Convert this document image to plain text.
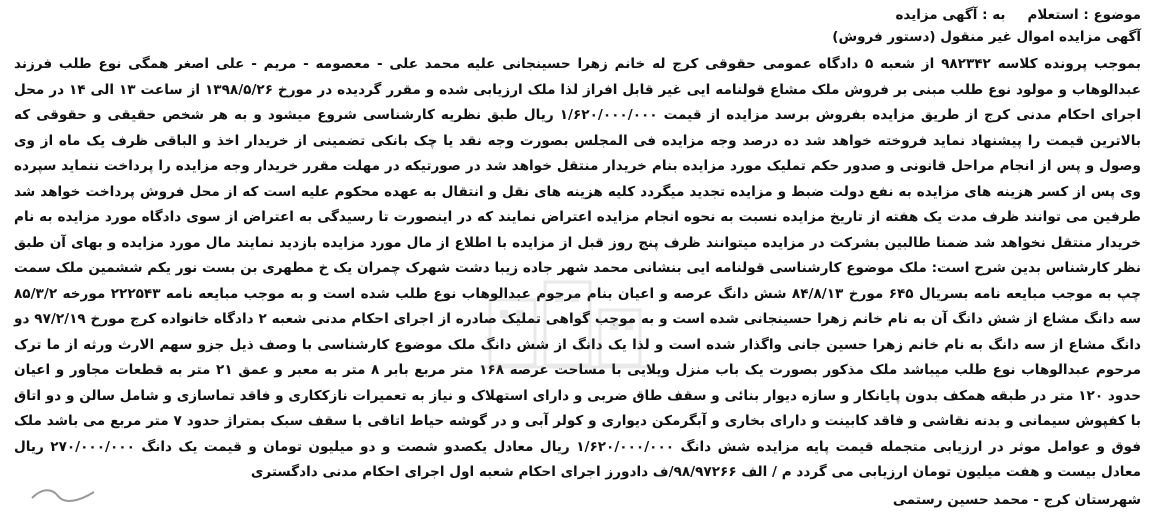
موضوع : استعلام
به : آگهی مزایده
آگهی مزایده اموال غیر منقول (دستور فروش)
بموجب پرونده کلاسه ۹۸۲۳۴۲ از شعبه ۵ دادگاه عمومی حقوقی کرج له خانم زهرا حسینجانی علیه محمد علی - معصومه - مریم - علی اصغر همگی نوع طلب فرزند عبدالوهاب و مولود نوع طلب مبنی بر فروش ملک مشاع قولنامه ایی غیر قابل افراز لذا ملک ارزیابی شده و مقرر گردیده در مورخ ۱۳۹۸/۵/۲۶ از ساعت ۱۳ الی ۱۴ در محل اجرای احکام مدنی کرج از طریق مزایده بفروش برسد مزایده از قیمت ۱/۶۲۰/۰۰۰/۰۰۰ ریال طبق نظریه کارشناسی شروع میشود و به هر شخص حقیقی و حقوقی که بالاترین قیمت را پیشنهاد نماید فروخته خواهد شد ده درصد وجه مزایده فی المجلس بصورت وجه نقد یا چک بانکی تضمینی از خریدار اخذ و الباقی ظرف یک ماه از وی وصول و پس از انجام مراحل قانونی و صدور حکم تملیک مورد مزایده بنام خریدار منتقل خواهد شد در صورتیکه در مهلت مقرر خریدار وجه مزایده را پرداخت ننماید سپرده وی پس از کسر هزینه های مزایده به نفع دولت ضبط و مزایده تجدید میگردد کلیه هزینه های نقل و انتقال به عهده محکوم علیه است که از محل فروش پرداخت خواهد شد طرفین می توانند ظرف مدت یک هفته از تاریخ مزایده نسبت به نحوه انجام مزایده اعتراض نمایند که در اینصورت تا رسیدگی به اعتراض از سوی دادگاه مورد مزایده به نام خریدار منتقل نخواهد شد ضمنا طالبین بشرکت در مزایده میتوانند ظرف پنج روز قبل از مزایده با اطلاع از مال مورد مزایده بازدید نمایند مال مورد مزایده و بهای آن طبق نظر کارشناس بدین شرح است: ملک موضوع کارشناسی قولنامه ایی بنشانی محمد شهر جاده زیبا دشت شهرک چمران یک خ مطهری بن بست نور یکم ششمین ملک سمت چپ به موجب مبایعه نامه بسریال ۶۴۵ مورخ ۸۴/۸/۱۳ شش دانگ عرصه و اعیان بنام مرحوم عبدالوهاب نوع طلب شده است و به موجب مبایعه نامه ۲۲۲۵۴۳ مورخه ۸۵/۳/۲ سه دانگ مشاع از شش دانگ آن به نام خانم زهرا حسینجانی شده است و به موجب گواهی تملیک صادره از اجرای احکام مدنی شعبه ۲ دادگاه خانواده کرج مورخ ۹۷/۲/۱۹ دو دانگ مشاع از سه دانگ به نام خانم زهرا حسین جانی واگذار شده است و لذا یک دانگ از شش دانگ ملک موضوع کارشناسی با وصف ذیل جزو سهم الارث ورثه از ما ترک مرحوم عبدالوهاب نوع طلب میباشد ملک مذکور بصورت یک باب منزل ویلایی با مساحت عرصه ۱۶۸ متر مربع بابر ۸ متر به معبر و عمق ۲۱ متر به قطعات مجاور و اعیان حدود ۱۲۰ متر در طبقه همکف بدون پایانکار و سازه دیوار بنائی و سقف طاق ضربی و دارای استهلاک و نیاز به تعمیرات نازککاری و فاقد تماسازی و شامل سالن و دو اتاق با کفپوش سیمانی و بدنه نقاشی و فاقد کابینت و دارای بخاری و آبگرمکن دیواری و کولر آبی و در گوشه حیاط اتاقی با سقف سبک بمتراژ حدود ۷ متر مربع می باشد ملک فوق و عوامل موثر در ارزیابی متجمله قیمت پایه مزایده شش دانگ ۱/۶۲۰/۰۰۰/۰۰۰ ریال معادل یکصدو شصت و دو میلیون تومان و قیمت یک دانگ ۲۷۰/۰۰۰/۰۰۰ ریال معادل بیست و هفت میلیون تومان ارزیابی می گردد م / الف ۹۸/۹۷۲۶۶/ف دادورز اجرای احکام شعبه اول اجرای احکام مدنی دادگستری
شهرستان کرج - محمد حسین رستمی
